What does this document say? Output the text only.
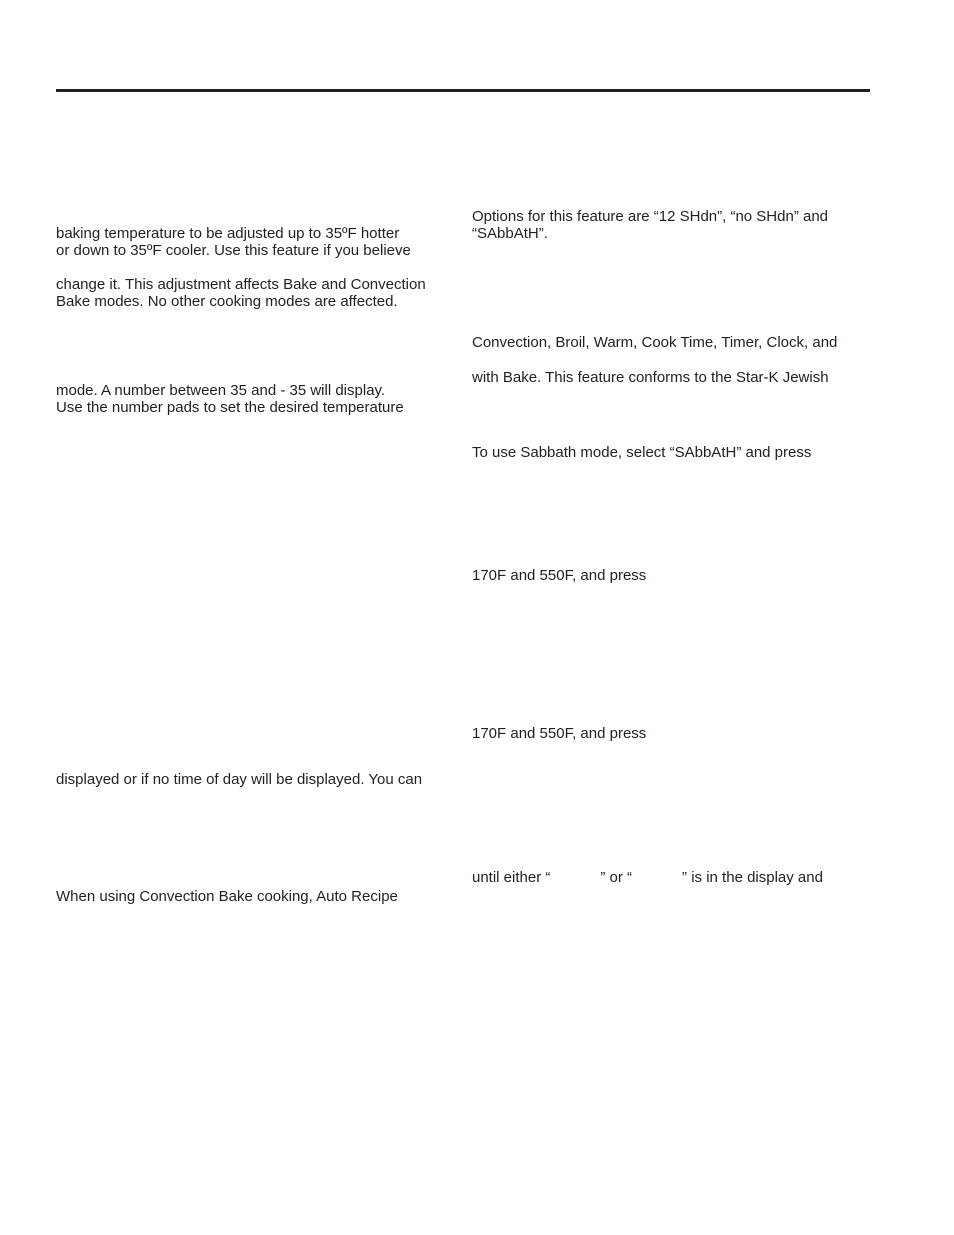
baking temperature to be adjusted up to 35ºF hotter
or down to 35ºF cooler. Use this feature if you believe
change it. This adjustment affects Bake and Convection
Bake modes. No other cooking modes are affected.
mode. A number between 35 and - 35 will display.
Use the number pads to set the desired temperature
displayed or if no time of day will be displayed. You can
When using Convection Bake cooking, Auto Recipe
Options for this feature are “12 SHdn”, “no SHdn” and
“SAbbAtH”.
Convection, Broil, Warm, Cook Time, Timer, Clock, and
with Bake. This feature conforms to the Star-K Jewish
To use Sabbath mode, select “SAbbAtH” and press
170F and 550F, and press
170F and 550F, and press
until either “            ” or “            ” is in the display and
